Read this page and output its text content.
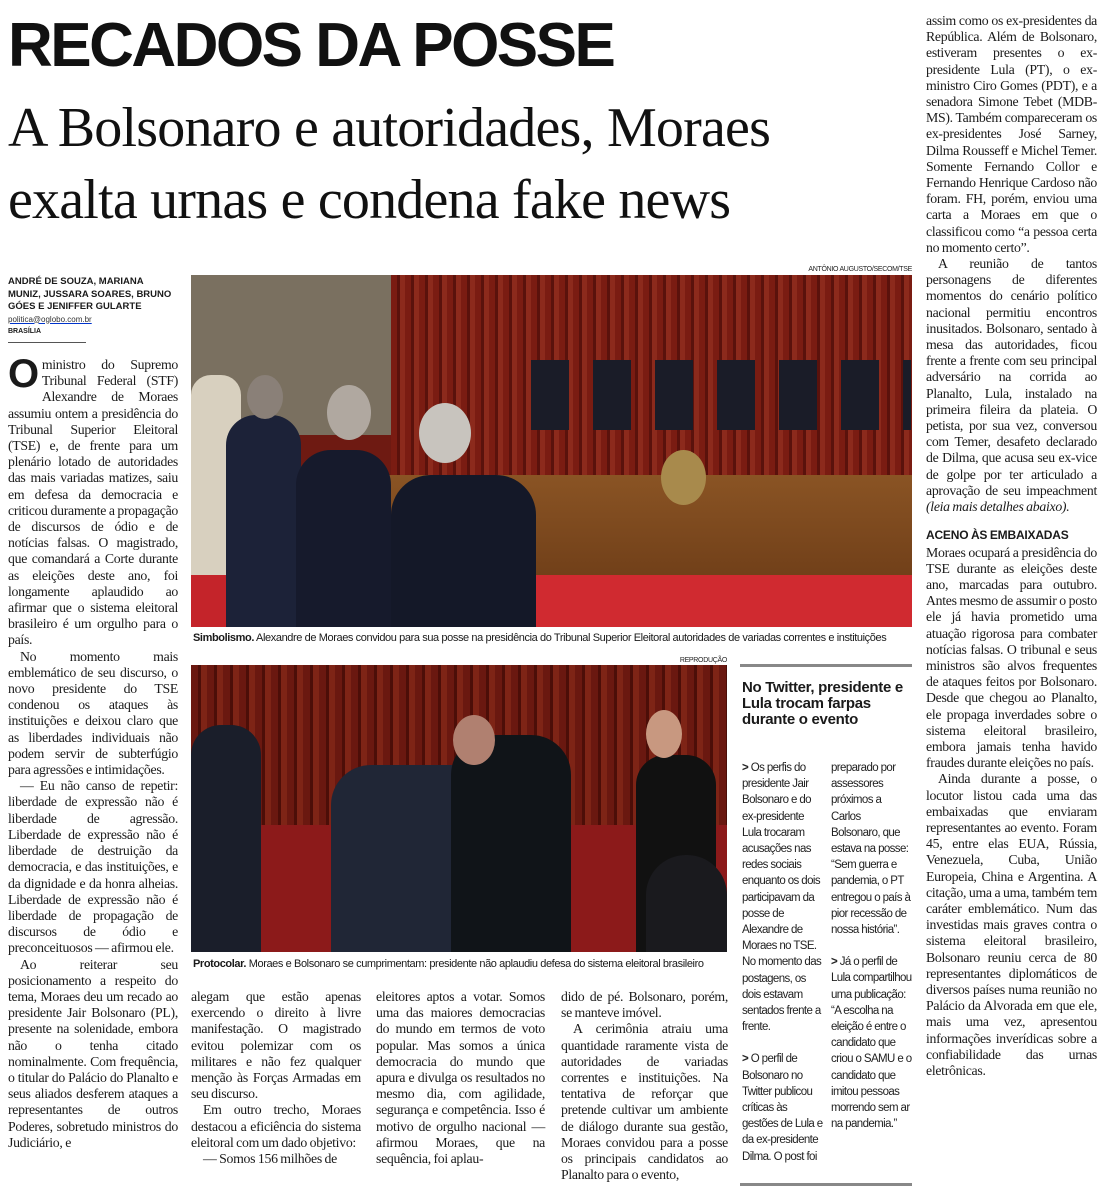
RECADOS DA POSSE
A Bolsonaro e autoridades, Moraes exalta urnas e condena fake news
ANDRÉ DE SOUZA, MARIANA MUNIZ, JUSSARA SOARES, BRUNO GÓES E JENIFFER GULARTE
politica@oglobo.com.br
BRASÍLIA

O ministro do Supremo Tribunal Federal (STF) Alexandre de Moraes assumiu ontem a presidência do Tribunal Superior Eleitoral (TSE) e, de frente para um plenário lotado de autoridades das mais variadas matizes, saiu em defesa da democracia e criticou duramente a propagação de discursos de ódio e de notícias falsas. O magistrado, que comandará a Corte durante as eleições deste ano, foi longamente aplaudido ao afirmar que o sistema eleitoral brasileiro é um orgulho para o país.

No momento mais emblemático de seu discurso, o novo presidente do TSE condenou os ataques às instituições e deixou claro que as liberdades individuais não podem servir de subterfúgio para agressões e intimidações.

— Eu não canso de repetir: liberdade de expressão não é liberdade de agressão. Liberdade de expressão não é liberdade de destruição da democracia, e das instituições, e da dignidade e da honra alheias. Liberdade de expressão não é liberdade de propagação de discursos de ódio e preconceituosos — afirmou ele.

Ao reiterar seu posicionamento a respeito do tema, Moraes deu um recado ao presidente Jair Bolsonaro (PL), presente na solenidade, embora não o tenha citado nominalmente. Com frequência, o titular do Palácio do Planalto e seus aliados desferem ataques a representantes de outros Poderes, sobretudo ministros do Judiciário, e

ANTÔNIO AUGUSTO/SECOM/TSE
Simbolismo. Alexandre de Moraes convidou para sua posse na presidência do Tribunal Superior Eleitoral autoridades de variadas correntes e instituições
REPRODUÇÃO
Protocolar. Moraes e Bolsonaro se cumprimentam: presidente não aplaudiu defesa do sistema eleitoral brasileiro
No Twitter, presidente e Lula trocam farpas durante o evento

> Os perfis do presidente Jair Bolsonaro e do ex-presidente Lula trocaram acusações nas redes sociais enquanto os dois participavam da posse de Alexandre de Moraes no TSE. No momento das postagens, os dois estavam sentados frente a frente.

> O perfil de Bolsonaro no Twitter publicou críticas às gestões de Lula e da ex-presidente Dilma. O post foi preparado por assessores próximos a Carlos Bolsonaro, que estava na posse: “Sem guerra e pandemia, o PT entregou o país à pior recessão de nossa história”.

> Já o perfil de Lula compartilhou uma publicação: “A escolha na eleição é entre o candidato que criou o SAMU e o candidato que imitou pessoas morrendo sem ar na pandemia.”

alegam que estão apenas exercendo o direito à livre manifestação. O magistrado evitou polemizar com os militares e não fez qualquer menção às Forças Armadas em seu discurso.

Em outro trecho, Moraes destacou a eficiência do sistema eleitoral com um dado objetivo:

— Somos 156 milhões de

eleitores aptos a votar. Somos uma das maiores democracias do mundo em termos de voto popular. Mas somos a única democracia do mundo que apura e divulga os resultados no mesmo dia, com agilidade, segurança e competência. Isso é motivo de orgulho nacional — afirmou Moraes, que na sequência, foi aplau-

dido de pé. Bolsonaro, porém, se manteve imóvel.

A cerimônia atraiu uma quantidade raramente vista de autoridades de variadas correntes e instituições. Na tentativa de reforçar que pretende cultivar um ambiente de diálogo durante sua gestão, Moraes convidou para a posse os principais candidatos ao Planalto para o evento,

assim como os ex-presidentes da República. Além de Bolsonaro, estiveram presentes o ex-presidente Lula (PT), o ex-ministro Ciro Gomes (PDT), e a senadora Simone Tebet (MDB-MS). Também compareceram os ex-presidentes José Sarney, Dilma Rousseff e Michel Temer. Somente Fernando Collor e Fernando Henrique Cardoso não foram. FH, porém, enviou uma carta a Moraes em que o classificou como “a pessoa certa no momento certo”.

A reunião de tantos personagens de diferentes momentos do cenário político nacional permitiu encontros inusitados. Bolsonaro, sentado à mesa das autoridades, ficou frente a frente com seu principal adversário na corrida ao Planalto, Lula, instalado na primeira fileira da plateia. O petista, por sua vez, conversou com Temer, desafeto declarado de Dilma, que acusa seu ex-vice de golpe por ter articulado a aprovação de seu impeachment (leia mais detalhes abaixo).

ACENO ÀS EMBAIXADAS

Moraes ocupará a presidência do TSE durante as eleições deste ano, marcadas para outubro. Antes mesmo de assumir o posto ele já havia prometido uma atuação rigorosa para combater notícias falsas. O tribunal e seus ministros são alvos frequentes de ataques feitos por Bolsonaro. Desde que chegou ao Planalto, ele propaga inverdades sobre o sistema eleitoral brasileiro, embora jamais tenha havido fraudes durante eleições no país.

Ainda durante a posse, o locutor listou cada uma das embaixadas que enviaram representantes ao evento. Foram 45, entre elas EUA, Rússia, Venezuela, Cuba, União Europeia, China e Argentina. A citação, uma a uma, também tem caráter emblemático. Num das investidas mais graves contra o sistema eleitoral brasileiro, Bolsonaro reuniu cerca de 80 representantes diplomáticos de diversos países numa reunião no Palácio da Alvorada em que ele, mais uma vez, apresentou informações inverídicas sobre a confiabilidade das urnas eletrônicas.
